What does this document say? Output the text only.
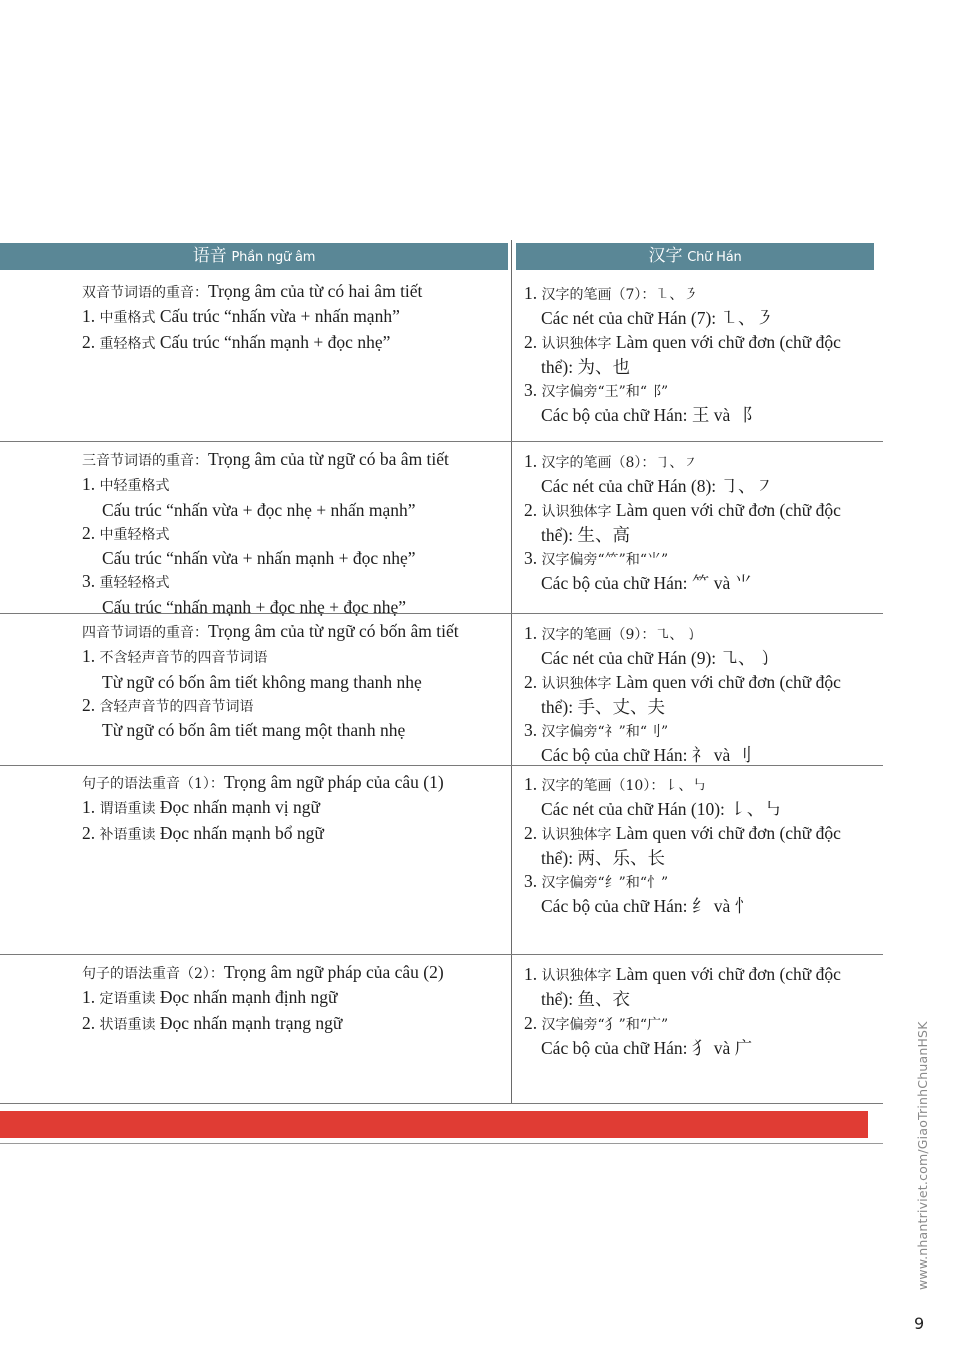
语音 Phần ngữ âm	汉字 Chữ Hán
双音节词语的重音：Trọng âm của từ có hai âm tiết
1. 中重格式 Cấu trúc “nhấn vừa + nhấn mạnh”
2. 重轻格式 Cấu trúc “nhấn mạnh + đọc nhẹ”
1. 汉字的笔画（7）：㇅、㇋
Các nét của chữ Hán (7): ㇅、㇋
2. 认识独体字 Làm quen với chữ đơn (chữ độc
thể): 为、也
3. 汉字偏旁“王”和“⻏”
Các bộ của chữ Hán: 王 và ⻏
三音节词语的重音：Trọng âm của từ ngữ có ba âm tiết
1. 中轻重格式
Cấu trúc “nhấn vừa + đọc nhẹ + nhấn mạnh”
2. 中重轻格式
Cấu trúc “nhấn vừa + nhấn mạnh + đọc nhẹ”
3. 重轻轻格式
Cấu trúc “nhấn mạnh + đọc nhẹ + đọc nhẹ”
1. 汉字的笔画（8）：㇆、㇇
Các nét của chữ Hán (8): ㇆、㇇
2. 认识独体字 Làm quen với chữ đơn (chữ độc
thể): 生、高
3. 汉字偏旁“⺮”和“⺌”
Các bộ của chữ Hán: ⺮ và ⺌
四音节词语的重音：Trọng âm của từ ngữ có bốn âm tiết
1. 不含轻声音节的四音节词语
Từ ngữ có bốn âm tiết không mang thanh nhẹ
2. 含轻声音节的四音节词语
Từ ngữ có bốn âm tiết mang một thanh nhẹ
1. 汉字的笔画（9）：㇈、㇁
Các nét của chữ Hán (9): ㇈、㇁
2. 认识独体字 Làm quen với chữ đơn (chữ độc
thể): 手、丈、夫
3. 汉字偏旁“礻”和“刂”
Các bộ của chữ Hán: 礻 và 刂
句子的语法重音（1）：Trọng âm ngữ pháp của câu (1)
1. 谓语重读 Đọc nhấn mạnh vị ngữ
2. 补语重读 Đọc nhấn mạnh bổ ngữ
1. 汉字的笔画（10）：㇙、㇉
Các nét của chữ Hán (10): ㇙、㇉
2. 认识独体字 Làm quen với chữ đơn (chữ độc
thể): 两、乐、长
3. 汉字偏旁“纟”和“忄”
Các bộ của chữ Hán: 纟 và 忄
句子的语法重音（2）：Trọng âm ngữ pháp của câu (2)
1. 定语重读 Đọc nhấn mạnh định ngữ
2. 状语重读 Đọc nhấn mạnh trạng ngữ
1. 认识独体字 Làm quen với chữ đơn (chữ độc
thể): 鱼、衣
2. 汉字偏旁“犭”和“广”
Các bộ của chữ Hán: 犭 và 广	www.nhantriviet.com/GiaoTrinhChuanHSK
9
